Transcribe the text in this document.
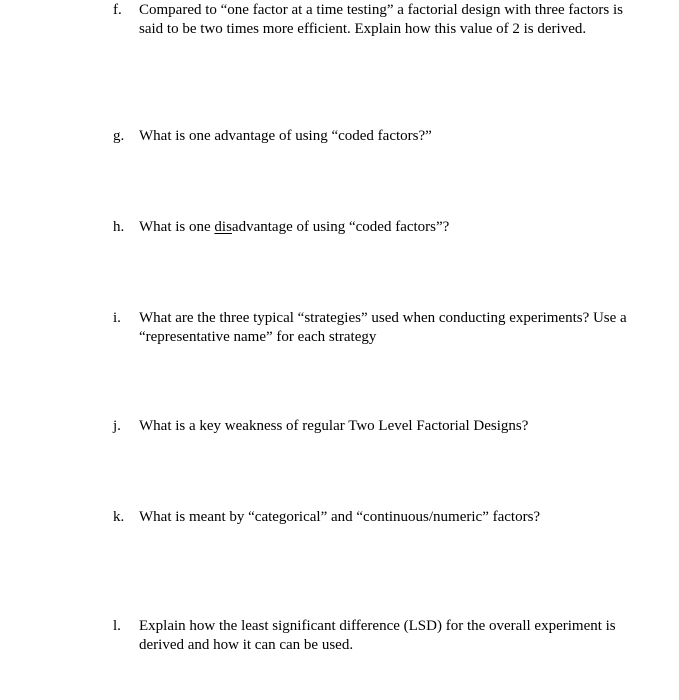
f. Compared to “one factor at a time testing” a factorial design with three factors is
said to be two times more efficient. Explain how this value of 2 is derived.
g. What is one advantage of using “coded factors?”
h. What is one disadvantage of using “coded factors”?
i. What are the three typical “strategies” used when conducting experiments? Use a
“representative name” for each strategy
j. What is a key weakness of regular Two Level Factorial Designs?
k. What is meant by “categorical” and “continuous/numeric” factors?
l. Explain how the least significant difference (LSD) for the overall experiment is
derived and how it can can be used.
